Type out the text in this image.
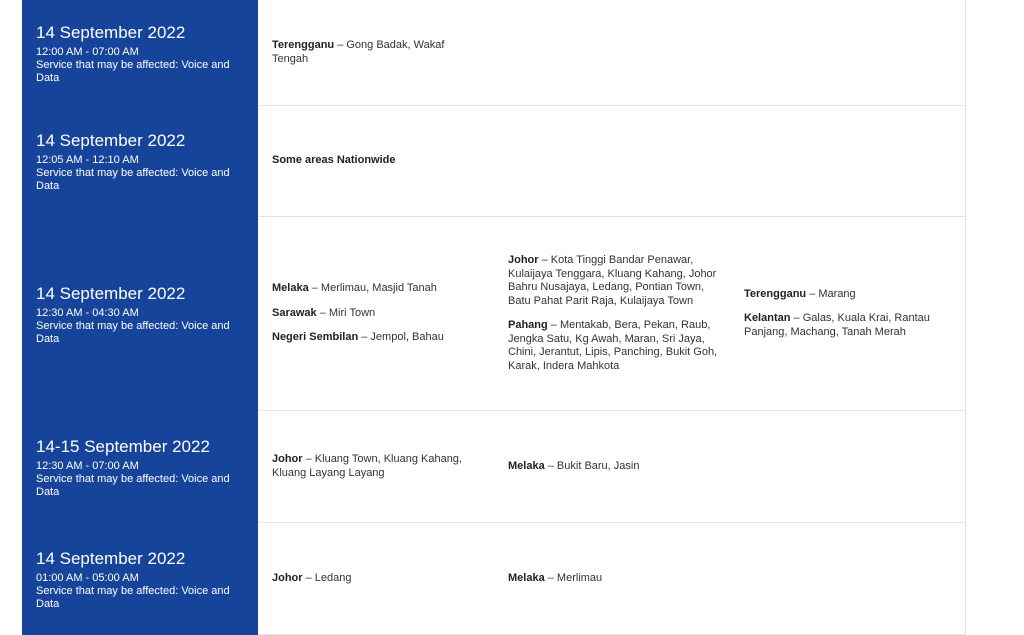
14 September 2022
12:00 AM - 07:00 AM
Service that may be affected: Voice and Data

Terengganu – Gong Badak, Wakaf Tengah

14 September 2022
12:05 AM - 12:10 AM
Service that may be affected: Voice and Data

Some areas Nationwide

14 September 2022
12:30 AM - 04:30 AM
Service that may be affected: Voice and Data

Melaka – Merlimau, Masjid Tanah

Sarawak – Miri Town

Negeri Sembilan – Jempol, Bahau

Johor – Kota Tinggi Bandar Penawar, Kulaijaya Tenggara, Kluang Kahang, Johor Bahru Nusajaya, Ledang, Pontian Town, Batu Pahat Parit Raja, Kulaijaya Town

Pahang – Mentakab, Bera, Pekan, Raub, Jengka Satu, Kg Awah, Maran, Sri Jaya, Chini, Jerantut, Lipis, Panching, Bukit Goh, Karak, Indera Mahkota

Terengganu – Marang

Kelantan – Galas, Kuala Krai, Rantau Panjang, Machang, Tanah Merah

14-15 September 2022
12:30 AM - 07:00 AM
Service that may be affected: Voice and Data

Johor – Kluang Town, Kluang Kahang, Kluang Layang Layang

Melaka – Bukit Baru, Jasin

14 September 2022
01:00 AM - 05:00 AM
Service that may be affected: Voice and Data

Johor – Ledang	Melaka – Merlimau
